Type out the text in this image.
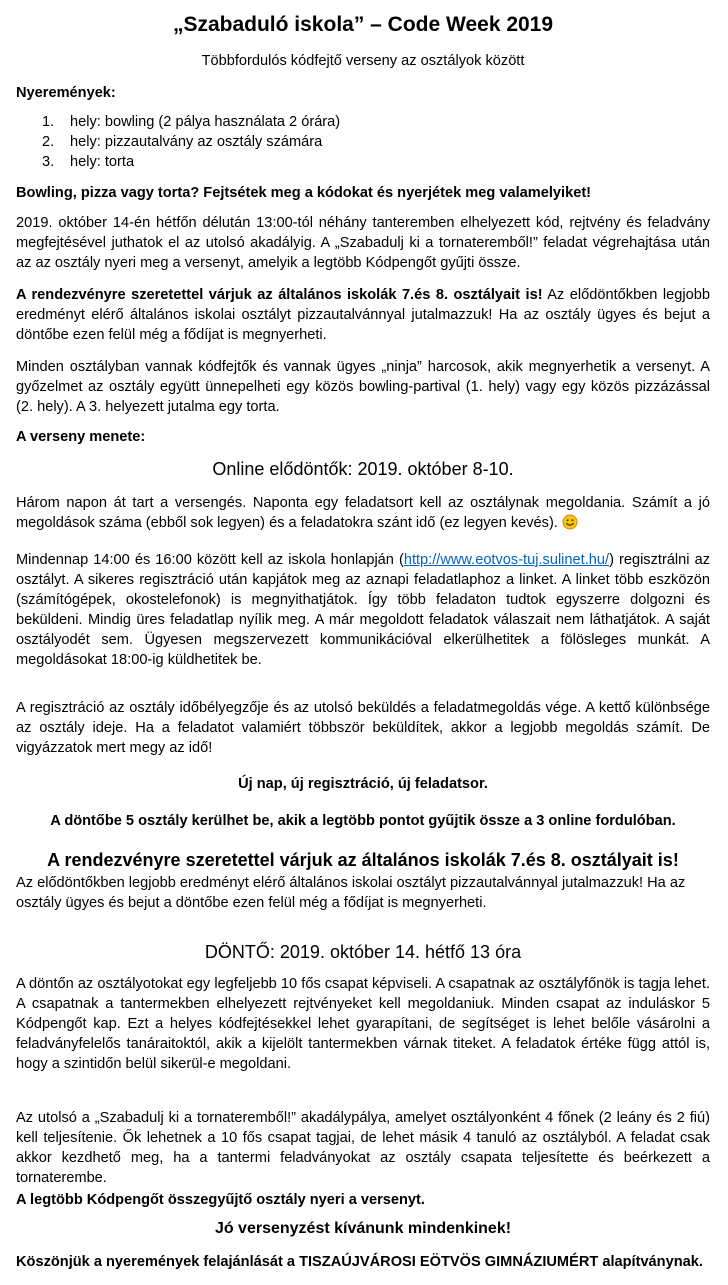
„Szabaduló iskola” – Code Week 2019
Többfordulós kódfejtő verseny az osztályok között
Nyeremények:
1. hely: bowling (2 pálya használata 2 órára)
2. hely: pizzautalvány az osztály számára
3. hely: torta
Bowling, pizza vagy torta? Fejtsétek meg a kódokat és nyerjétek meg valamelyiket!
2019. október 14-én hétfőn délután 13:00-tól néhány tanteremben elhelyezett kód, rejtvény és feladvány megfejtésével juthatok el az utolsó akadályig. A „Szabadulj ki a tornateremből!” feladat végrehajtása után az az osztály nyeri meg a versenyt, amelyik a legtöbb Kódpengőt gyűjti össze.
A rendezvényre szeretettel várjuk az általános iskolák 7.és 8. osztályait is! Az elődöntőkben legjobb eredményt elérő általános iskolai osztályt pizzautalvánnyal jutalmazzuk! Ha az osztály ügyes és bejut a döntőbe ezen felül még a fődíjat is megnyerheti.
Minden osztályban vannak kódfejtők és vannak ügyes „ninja” harcosok, akik megnyerhetik a versenyt. A győzelmet az osztály együtt ünnepelheti egy közös bowling-partival (1. hely) vagy egy közös pizzázással (2. hely). A 3. helyezett jutalma egy torta.
A verseny menete:
Online elődöntők: 2019. október 8-10.
Három napon át tart a versengés. Naponta egy feladatsort kell az osztálynak megoldania. Számít a jó megoldások száma (ebből sok legyen) és a feladatokra szánt idő (ez legyen kevés).
Mindennap 14:00 és 16:00 között kell az iskola honlapján (http://www.eotvos-tuj.sulinet.hu/) regisztrálni az osztályt. A sikeres regisztráció után kapjátok meg az aznapi feladatlaphoz a linket. A linket több eszközön (számítógépek, okostelefonok) is megnyithatjátok. Így több feladaton tudtok egyszerre dolgozni és beküldeni. Mindig üres feladatlap nyílik meg. A már megoldott feladatok válaszait nem láthatjátok. A saját osztályodét sem. Ügyesen megszervezett kommunikációval elkerülhetitek a fölösleges munkát. A megoldásokat 18:00-ig küldhetitek be.
A regisztráció az osztály időbélyegzője és az utolsó beküldés a feladatmegoldás vége. A kettő különbsége az osztály ideje. Ha a feladatot valamiért többször beküldítek, akkor a legjobb megoldás számít. De vigyázzatok mert megy az idő!
Új nap, új regisztráció, új feladatsor.
A döntőbe 5 osztály kerülhet be, akik a legtöbb pontot gyűjtik össze a 3 online fordulóban.
A rendezvényre szeretettel várjuk az általános iskolák 7.és 8. osztályait is!
Az elődöntőkben legjobb eredményt elérő általános iskolai osztályt pizzautalvánnyal jutalmazzuk! Ha az osztály ügyes és bejut a döntőbe ezen felül még a fődíjat is megnyerheti.
DÖNTŐ: 2019. október 14. hétfő 13 óra
A döntőn az osztályotokat egy legfeljebb 10 fős csapat képviseli. A csapatnak az osztályfőnök is tagja lehet. A csapatnak a tantermekben elhelyezett rejtvényeket kell megoldaniuk. Minden csapat az induláskor 5 Kódpengőt kap. Ezt a helyes kódfejtésekkel lehet gyarapítani, de segítséget is lehet belőle vásárolni a feladványfelelős tanáraitoktól, akik a kijelölt tantermekben várnak titeket. A feladatok értéke függ attól is, hogy a szintidőn belül sikerül-e megoldani.
Az utolsó a „Szabadulj ki a tornateremből!” akadálypálya, amelyet osztályonként 4 főnek (2 leány és 2 fiú) kell teljesítenie. Ők lehetnek a 10 fős csapat tagjai, de lehet másik 4 tanuló az osztályból. A feladat csak akkor kezdhető meg, ha a tantermi feladványokat az osztály csapata teljesítette és beérkezett a tornaterembe.
A legtöbb Kódpengőt összegyűjtő osztály nyeri a versenyt.
Jó versenyzést kívánunk mindenkinek!
Köszönjük a nyeremények felajánlását a TISZAÚJVÁROSI EÖTVÖS GIMNÁZIUMÉRT alapítványnak.
